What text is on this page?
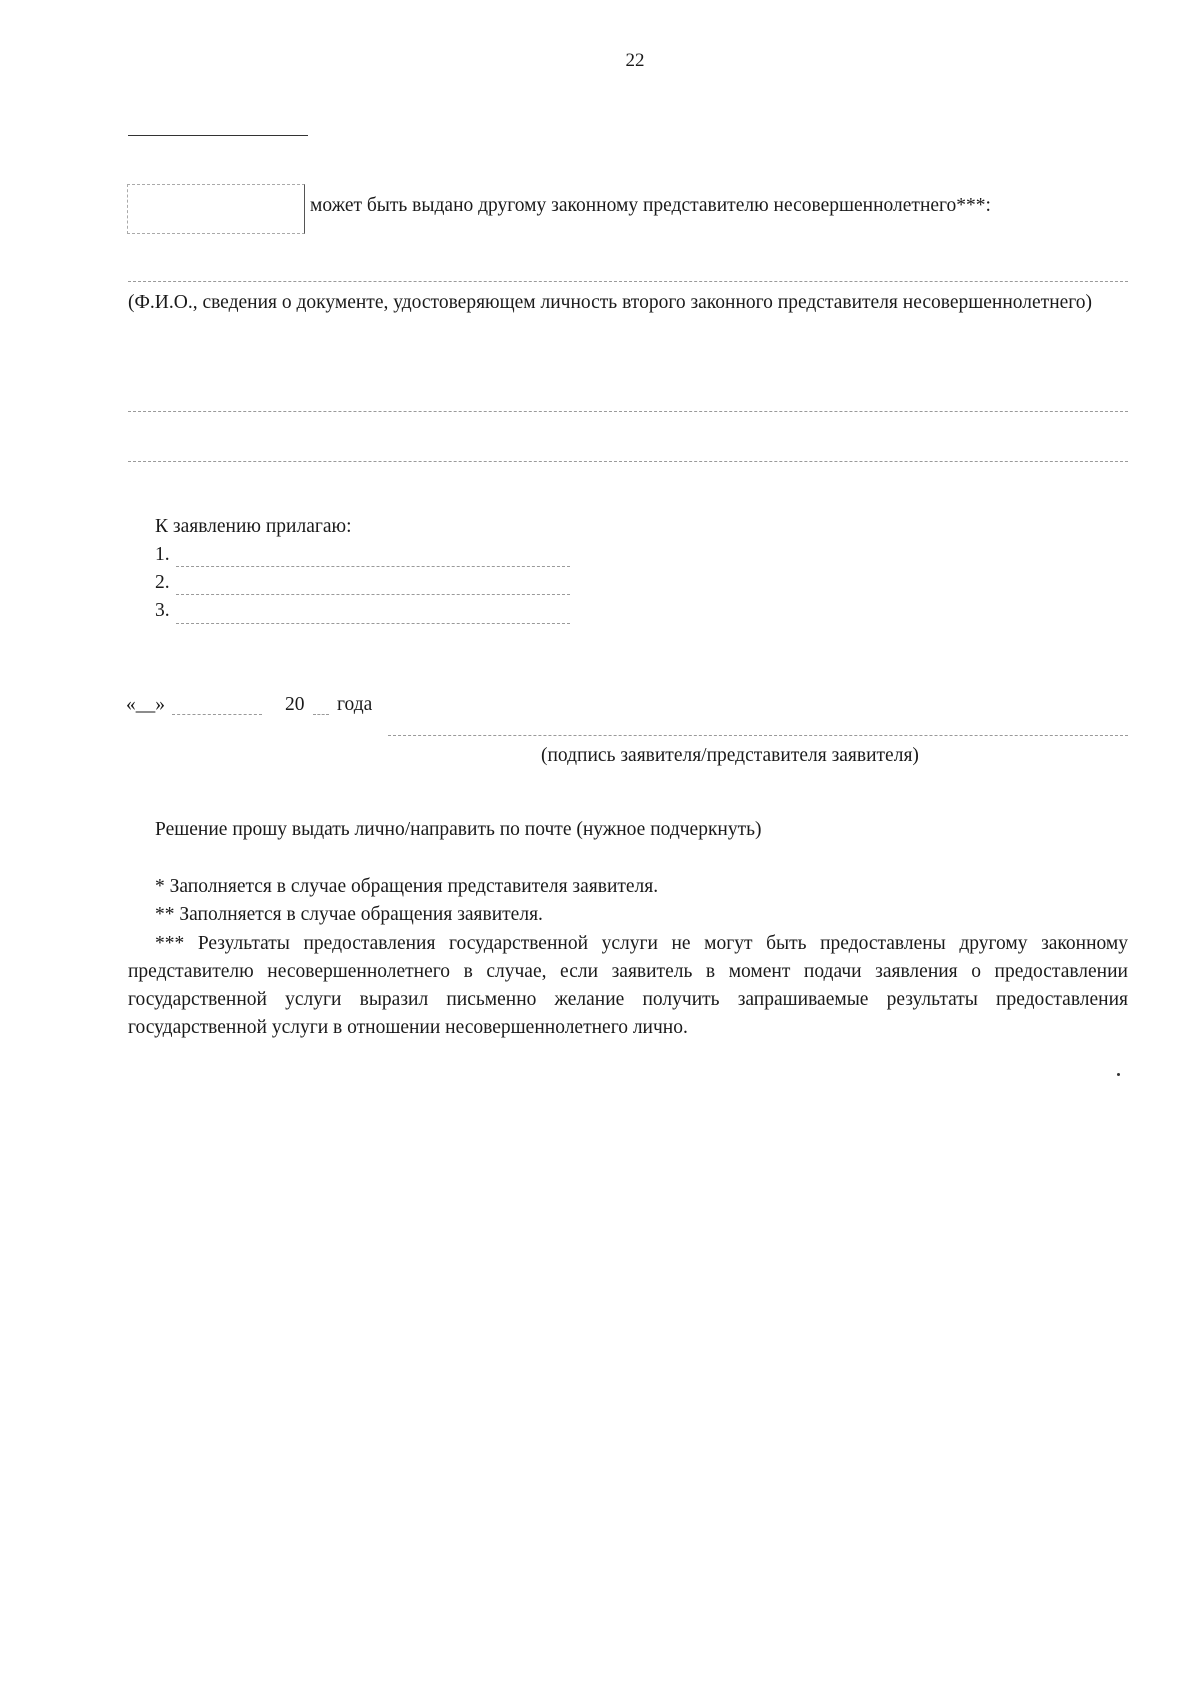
22
может быть выдано другому законному представителю несовершеннолетнего***:
(Ф.И.О., сведения о документе, удостоверяющем личность второго законного представителя несовершеннолетнего)
К заявлению прилагаю:
1.
2.
3.
«__»	20 года
(подпись заявителя/представителя заявителя)
Решение прошу выдать лично/направить по почте (нужное подчеркнуть)
* Заполняется в случае обращения представителя заявителя.
** Заполняется в случае обращения заявителя.
*** Результаты предоставления государственной услуги не могут быть предоставлены другому законному представителю несовершеннолетнего в случае, если заявитель в момент подачи заявления о предоставлении государственной услуги выразил письменно желание получить запрашиваемые результаты предоставления государственной услуги в отношении несовершеннолетнего лично.
